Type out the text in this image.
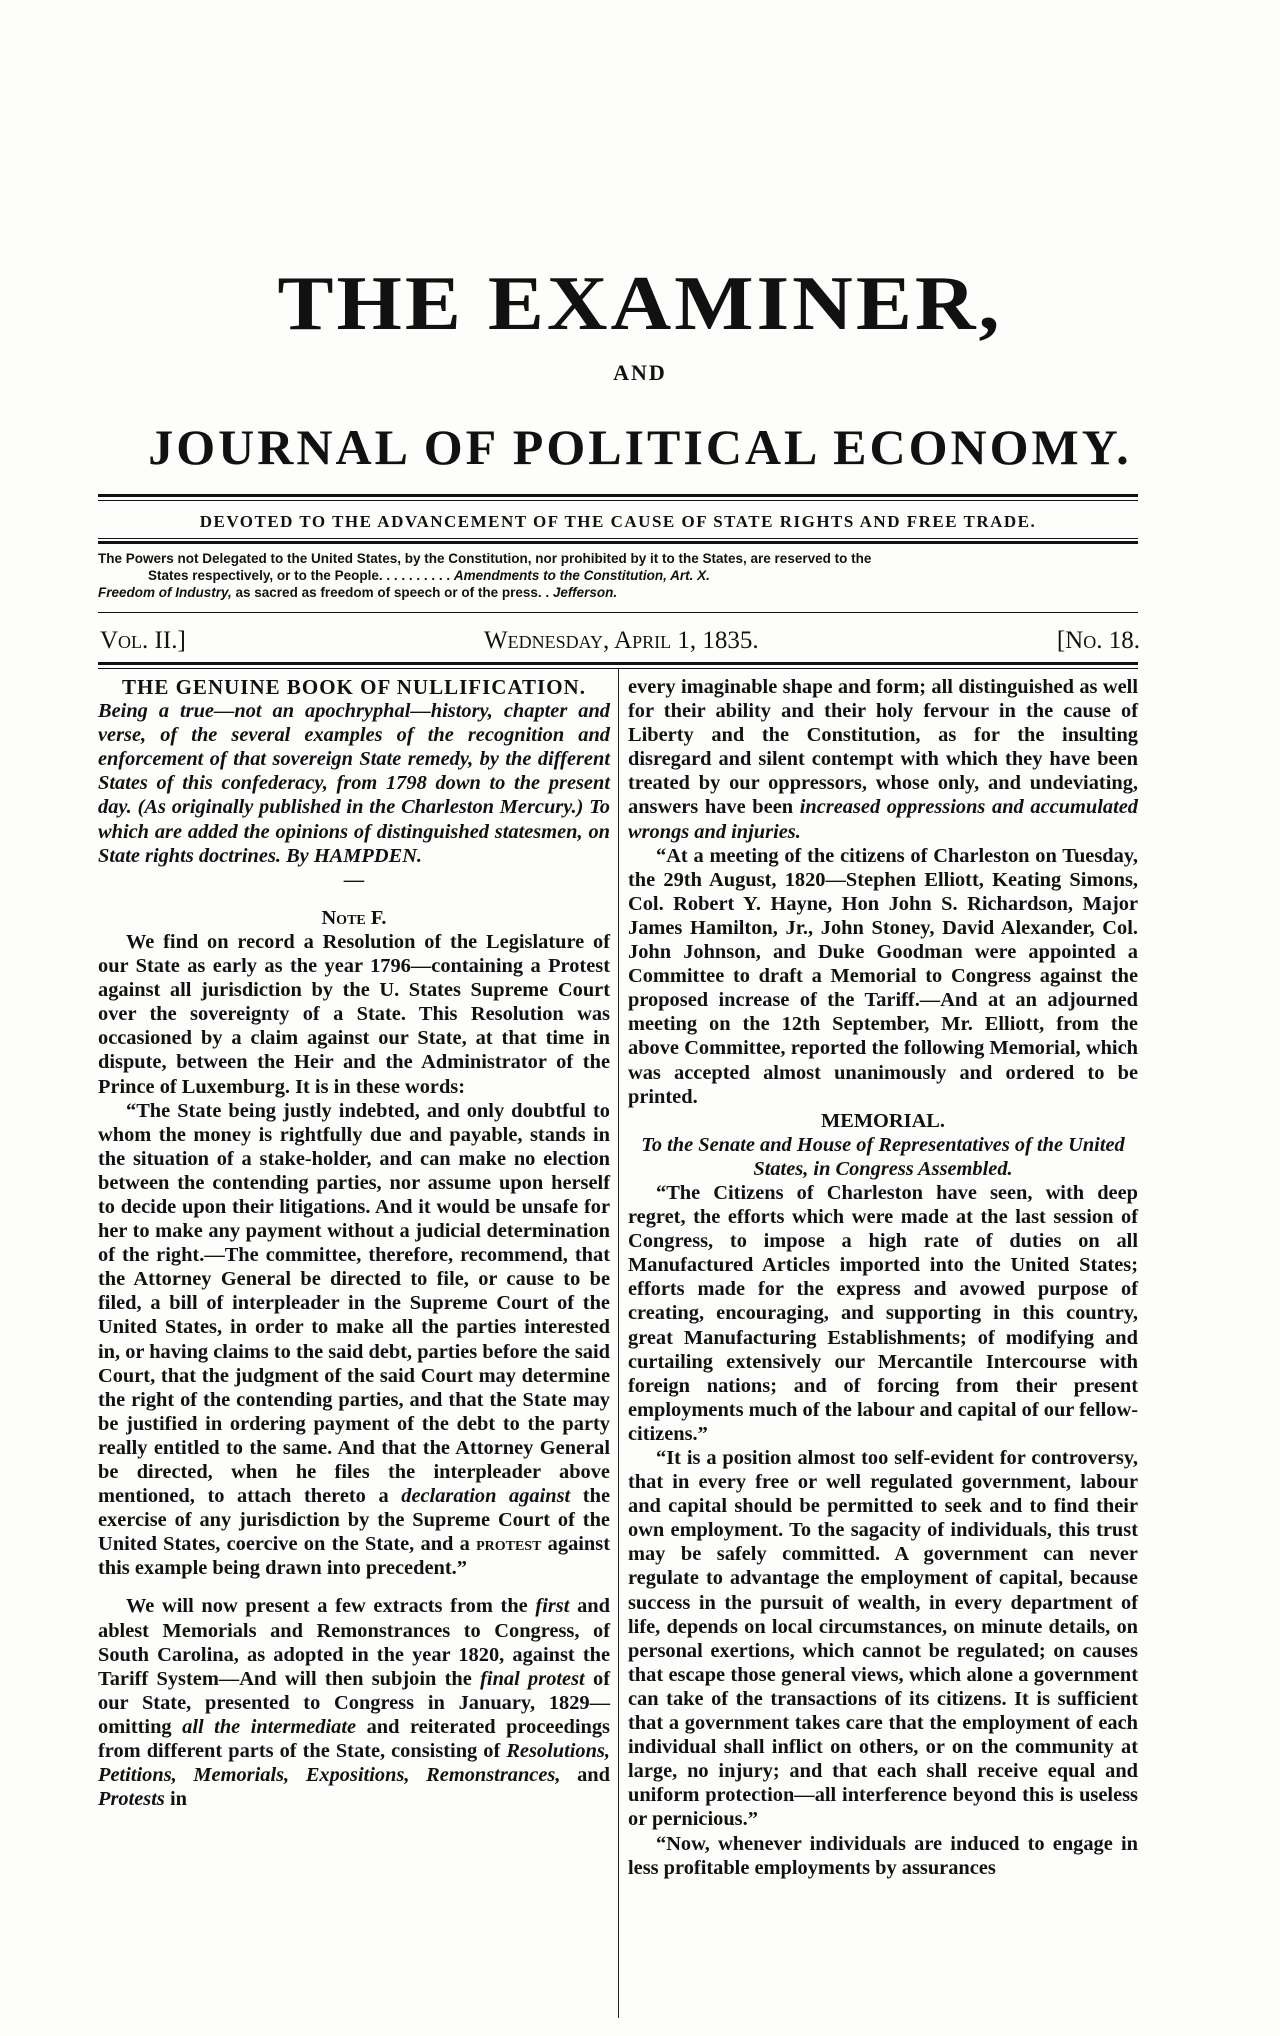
THE EXAMINER,
AND
JOURNAL OF POLITICAL ECONOMY.
DEVOTED TO THE ADVANCEMENT OF THE CAUSE OF STATE RIGHTS AND FREE TRADE.
The Powers not Delegated to the United States, by the Constitution, nor prohibited by it to the States, are reserved to the
States respectively, or to the People. . . . . . . . . . Amendments to the Constitution, Art. X.
Freedom of Industry, as sacred as freedom of speech or of the press. . Jefferson.
Vol. II.]	Wednesday, April 1, 1835.	[No. 18.

THE GENUINE BOOK OF NULLIFICATION.

Being a true—not an apochryphal—history, chapter and verse, of the several examples of the recognition and enforcement of that sovereign State remedy, by the different States of this confederacy, from 1798 down to the present day. (As originally published in the Charleston Mercury.) To which are added the opinions of distinguished statesmen, on State rights doctrines. By HAMPDEN.

—

Note F.

We find on record a Resolution of the Legislature of our State as early as the year 1796—containing a Protest against all jurisdiction by the U. States Supreme Court over the sovereignty of a State. This Resolution was occasioned by a claim against our State, at that time in dispute, between the Heir and the Administrator of the Prince of Luxemburg. It is in these words:

“The State being justly indebted, and only doubtful to whom the money is rightfully due and payable, stands in the situation of a stake-holder, and can make no election between the contending parties, nor assume upon herself to decide upon their litigations. And it would be unsafe for her to make any payment without a judicial determination of the right.—The committee, therefore, recommend, that the Attorney General be directed to file, or cause to be filed, a bill of interpleader in the Supreme Court of the United States, in order to make all the parties interested in, or having claims to the said debt, parties before the said Court, that the judgment of the said Court may determine the right of the contending parties, and that the State may be justified in ordering payment of the debt to the party really entitled to the same. And that the Attorney General be directed, when he files the interpleader above mentioned, to attach thereto a declaration against the exercise of any jurisdiction by the Supreme Court of the United States, coercive on the State, and a protest against this example being drawn into precedent.”

We will now present a few extracts from the first and ablest Memorials and Remonstrances to Congress, of South Carolina, as adopted in the year 1820, against the Tariff System—And will then subjoin the final protest of our State, presented to Congress in January, 1829—omitting all the intermediate and reiterated proceedings from different parts of the State, consisting of Resolutions, Petitions, Memorials, Expositions, Remonstrances, and Protests in

every imaginable shape and form; all distinguished as well for their ability and their holy fervour in the cause of Liberty and the Constitution, as for the insulting disregard and silent contempt with which they have been treated by our oppressors, whose only, and undeviating, answers have been increased oppressions and accumulated wrongs and injuries.

“At a meeting of the citizens of Charleston on Tuesday, the 29th August, 1820—Stephen Elliott, Keating Simons, Col. Robert Y. Hayne, Hon John S. Richardson, Major James Hamilton, Jr., John Stoney, David Alexander, Col. John Johnson, and Duke Goodman were appointed a Committee to draft a Memorial to Congress against the proposed increase of the Tariff.—And at an adjourned meeting on the 12th September, Mr. Elliott, from the above Committee, reported the following Memorial, which was accepted almost unanimously and ordered to be printed.

MEMORIAL.

To the Senate and House of Representatives of the United States, in Congress Assembled.

“The Citizens of Charleston have seen, with deep regret, the efforts which were made at the last session of Congress, to impose a high rate of duties on all Manufactured Articles imported into the United States; efforts made for the express and avowed purpose of creating, encouraging, and supporting in this country, great Manufacturing Establishments; of modifying and curtailing extensively our Mercantile Intercourse with foreign nations; and of forcing from their present employments much of the labour and capital of our fellow-citizens.”

“It is a position almost too self-evident for controversy, that in every free or well regulated government, labour and capital should be permitted to seek and to find their own employment. To the sagacity of individuals, this trust may be safely committed. A government can never regulate to advantage the employment of capital, because success in the pursuit of wealth, in every department of life, depends on local circumstances, on minute details, on personal exertions, which cannot be regulated; on causes that escape those general views, which alone a government can take of the transactions of its citizens. It is sufficient that a government takes care that the employment of each individual shall inflict on others, or on the community at large, no injury; and that each shall receive equal and uniform protection—all interference beyond this is useless or pernicious.”

“Now, whenever individuals are induced to engage in less profitable employments by assurances
